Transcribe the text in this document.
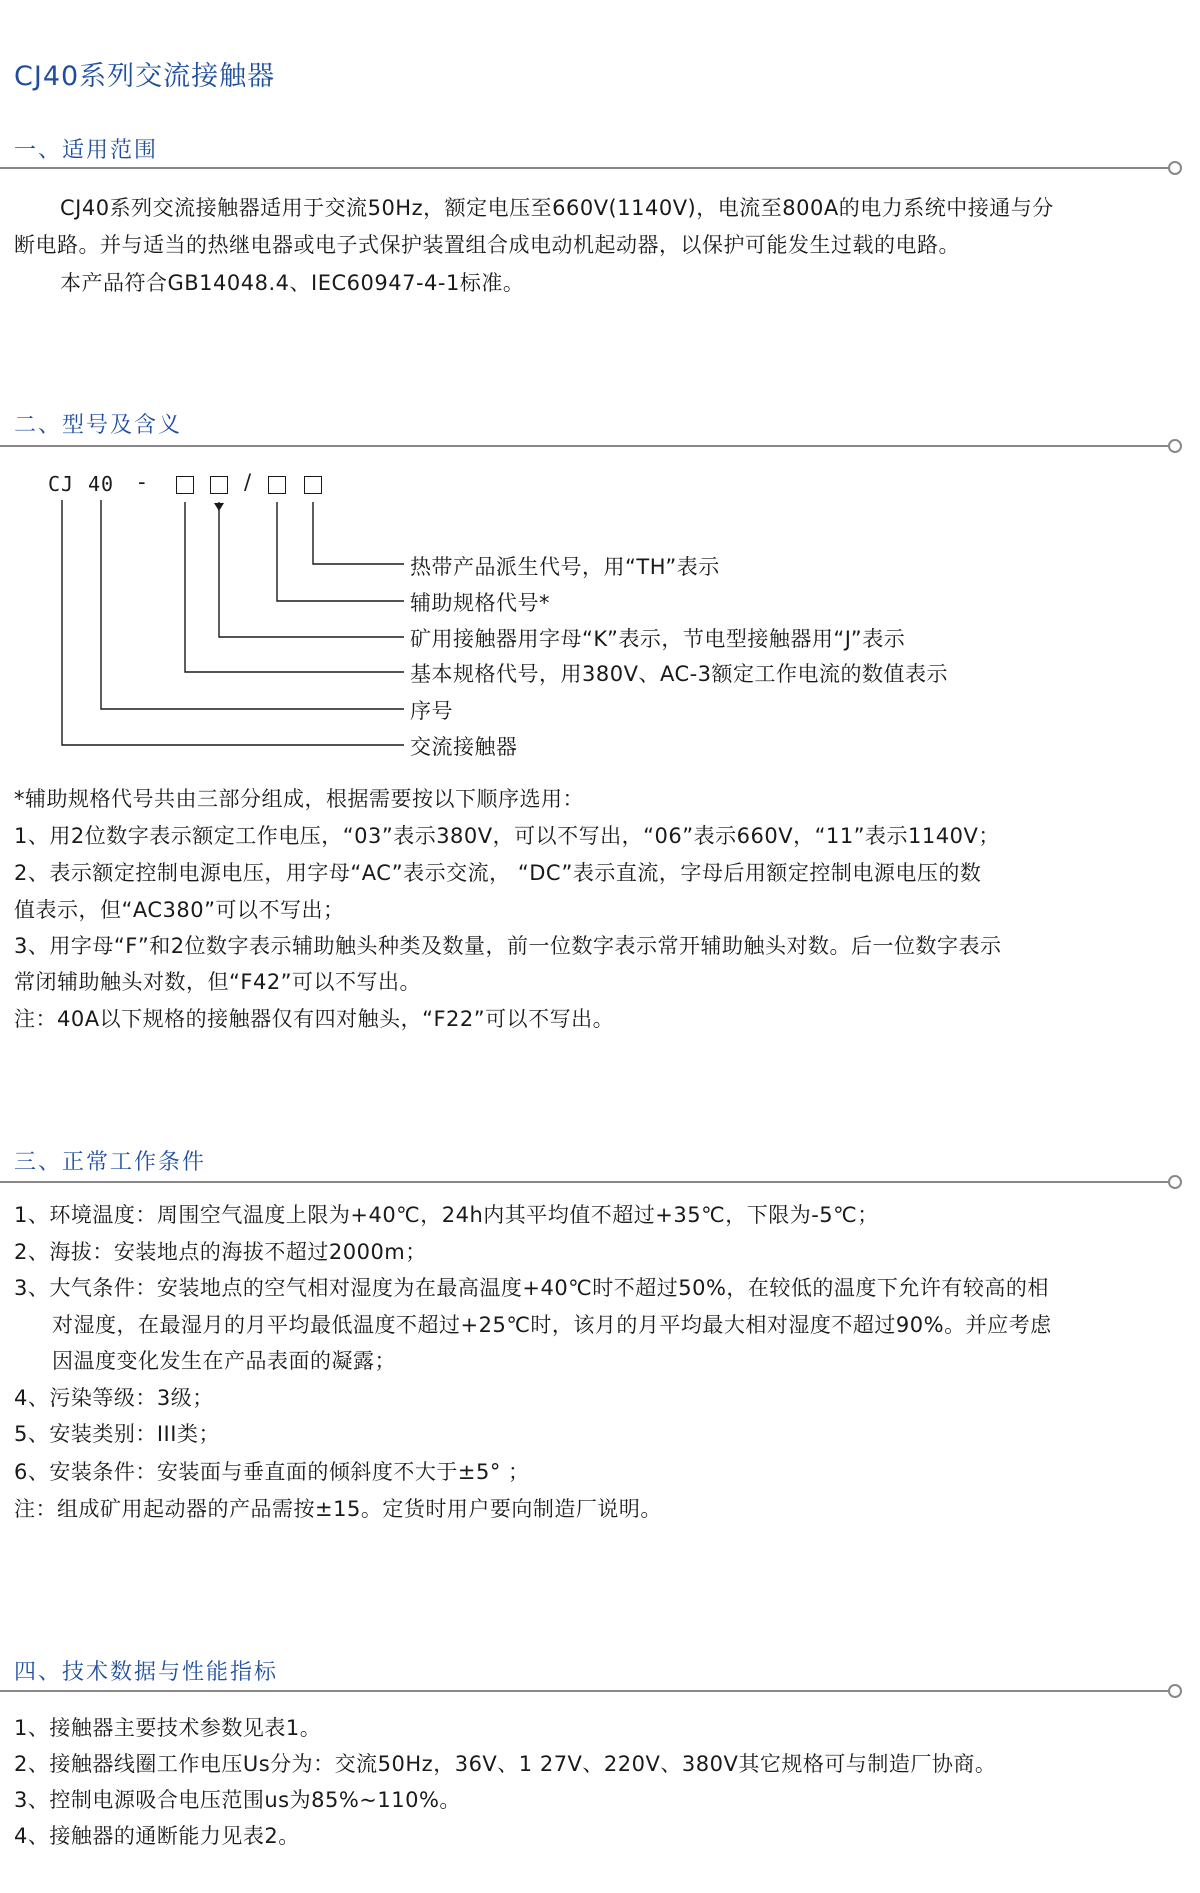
CJ40系列交流接触器
一、适用范围
CJ40系列交流接触器适用于交流50Hz，额定电压至660V(1140V)，电流至800A的电力系统中接通与分
断电路。并与适当的热继电器或电子式保护装置组合成电动机起动器，以保护可能发生过载的电路。
本产品符合GB14048.4、IEC60947-4-1标准。
二、型号及含义
CJ 40 -	/
热带产品派生代号，用“TH”表示
辅助规格代号*
矿用接触器用字母“K”表示，节电型接触器用“J”表示
基本规格代号，用380V、AC-3额定工作电流的数值表示
序号
交流接触器
*辅助规格代号共由三部分组成，根据需要按以下顺序选用：
1、用2位数字表示额定工作电压，“03”表示380V，可以不写出，“06”表示660V，“11”表示1140V；
2、表示额定控制电源电压，用字母“AC”表示交流， “DC”表示直流，字母后用额定控制电源电压的数
值表示，但“AC380”可以不写出；
3、用字母“F”和2位数字表示辅助触头种类及数量，前一位数字表示常开辅助触头对数。后一位数字表示
常闭辅助触头对数，但“F42”可以不写出。
注：40A以下规格的接触器仅有四对触头，“F22”可以不写出。
三、正常工作条件
1、环境温度：周围空气温度上限为+40℃，24h内其平均值不超过+35℃，下限为-5℃；
2、海拔：安装地点的海拔不超过2000m；
3、大气条件：安装地点的空气相对湿度为在最高温度+40℃时不超过50%，在较低的温度下允许有较高的相
对湿度，在最湿月的月平均最低温度不超过+25℃时，该月的月平均最大相对湿度不超过90%。并应考虑
因温度变化发生在产品表面的凝露；
4、污染等级：3级；
5、安装类别：III类；
6、安装条件：安装面与垂直面的倾斜度不大于±5° ；
注：组成矿用起动器的产品需按±15。定货时用户要向制造厂说明。
四、技术数据与性能指标
1、接触器主要技术参数见表1。
2、接触器线圈工作电压Us分为：交流50Hz，36V、1 27V、220V、380V其它规格可与制造厂协商。
3、控制电源吸合电压范围us为85%~110%。
4、接触器的通断能力见表2。
